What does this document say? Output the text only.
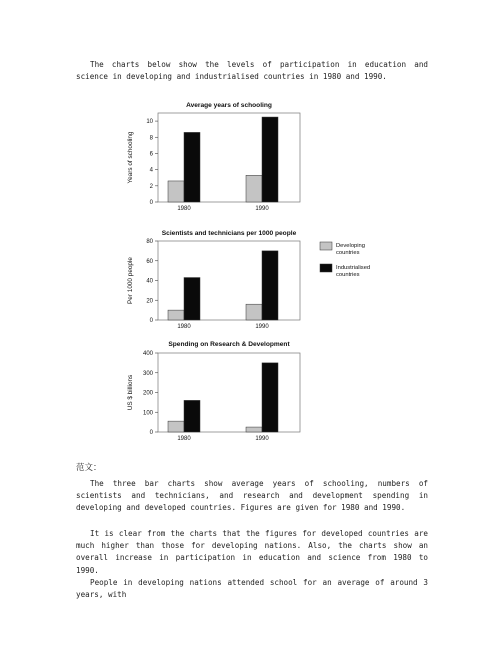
The charts below show the levels of participation in education and science in developing and industrialised countries in 1980 and 1990.
Average years of schooling
0
2
4
6
8
10
Years of schooling
1980	1990
Scientists and technicians per 1000 people
0
20
40
60
80
Per 1000 people
1980	1990
Spending on Research & Development
0
100
200
300
400
US $ billions
1980	1990
Developing
countries
Industrialised
countries
范文：
The three bar charts show average years of schooling, numbers of scientists and technicians, and research and development spending in developing and developed countries. Figures are given for 1980 and 1990.
It is clear from the charts that the figures for developed countries are much higher than those for developing nations. Also, the charts show an overall increase in participation in education and science from 1980 to 1990.
People in developing nations attended school for an average of around 3 years, with
